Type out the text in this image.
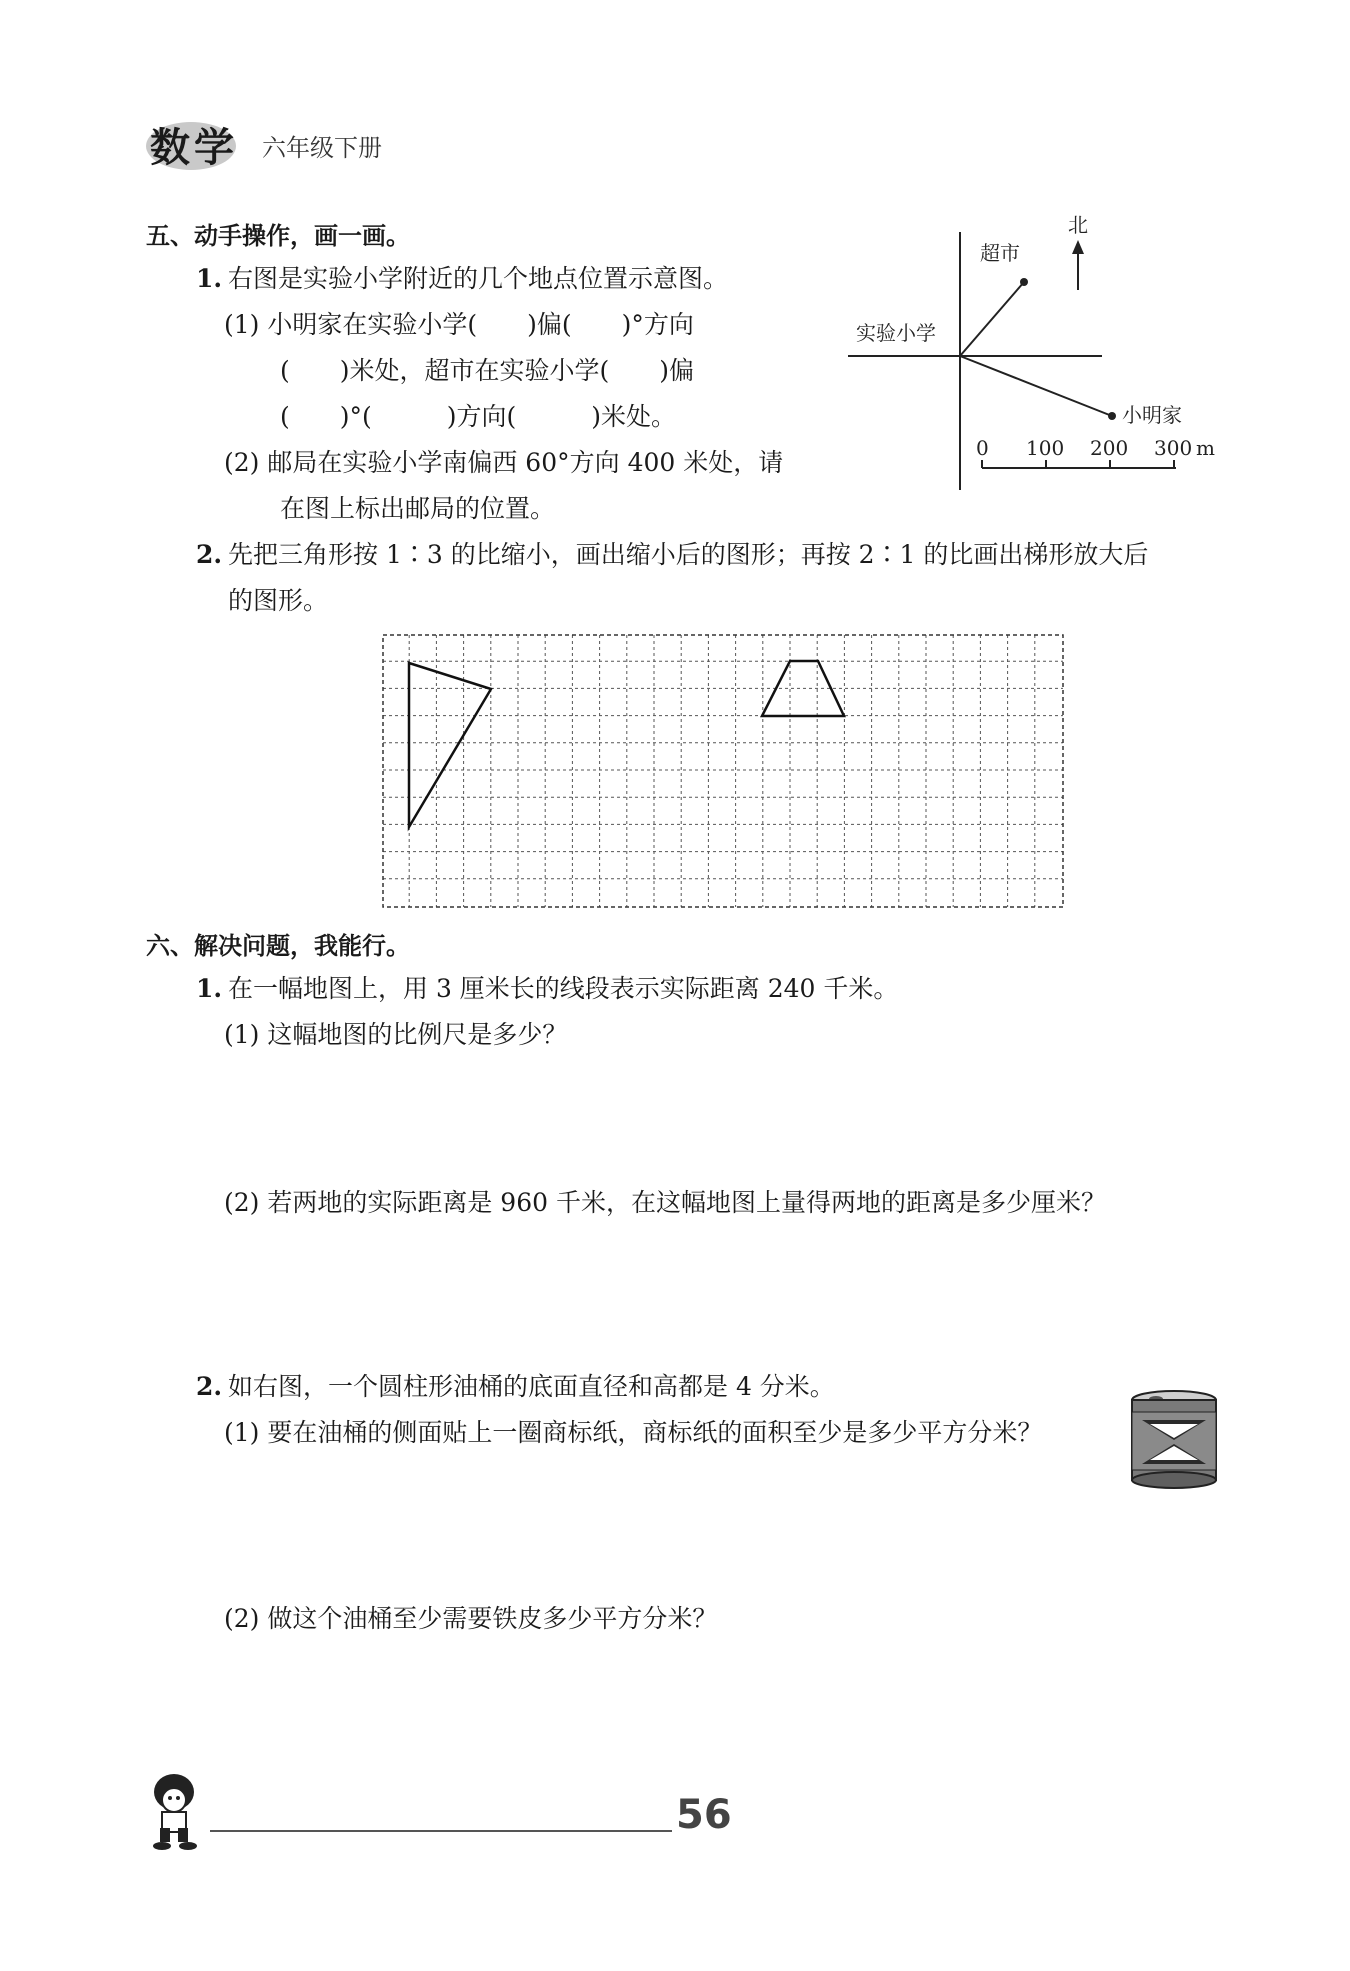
数学 六年级下册
五、动手操作，画一画。
1. 右图是实验小学附近的几个地点位置示意图。
(1) 小明家在实验小学(　　)偏(　　)°方向
(　　)米处，超市在实验小学(　　)偏
(　　)°(　　　)方向(　　　)米处。
(2) 邮局在实验小学南偏西 60°方向 400 米处，请
在图上标出邮局的位置。
北
超市
实验小学
小明家
0 100 200 300 m
2. 先把三角形按 1∶3 的比缩小，画出缩小后的图形；再按 2∶1 的比画出梯形放大后
的图形。
六、解决问题，我能行。
1. 在一幅地图上，用 3 厘米长的线段表示实际距离 240 千米。
(1) 这幅地图的比例尺是多少？
(2) 若两地的实际距离是 960 千米，在这幅地图上量得两地的距离是多少厘米？
2. 如右图，一个圆柱形油桶的底面直径和高都是 4 分米。
(1) 要在油桶的侧面贴上一圈商标纸，商标纸的面积至少是多少平方分米？
(2) 做这个油桶至少需要铁皮多少平方分米？
56
